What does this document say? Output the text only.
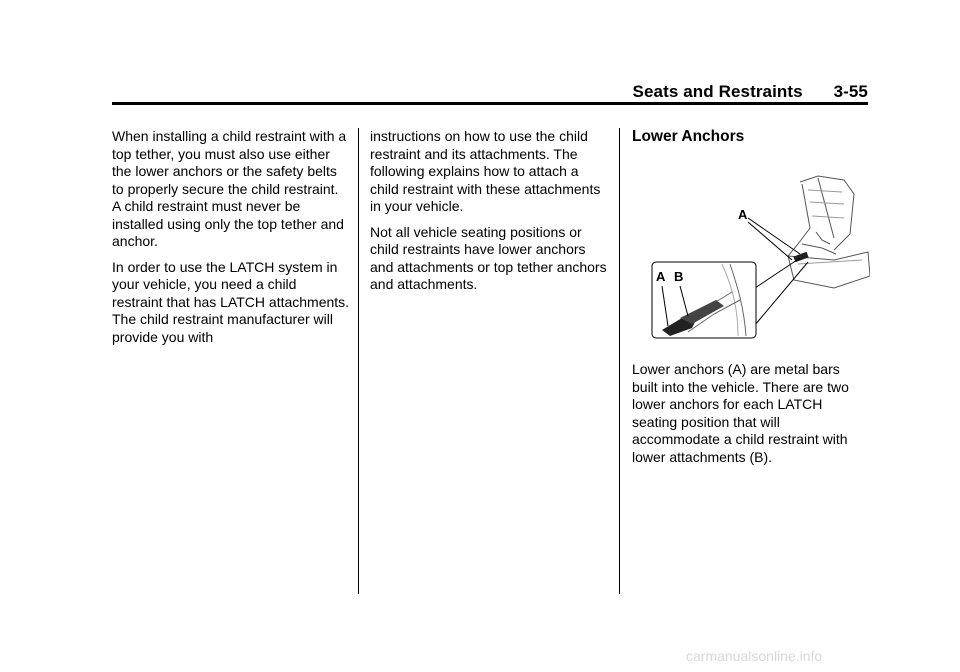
Seats and Restraints 3-55

When installing a child restraint with a top tether, you must also use either the lower anchors or the safety belts to properly secure the child restraint. A child restraint must never be installed using only the top tether and anchor.

In order to use the LATCH system in your vehicle, you need a child restraint that has LATCH attachments. The child restraint manufacturer will provide you with

instructions on how to use the child restraint and its attachments. The following explains how to attach a child restraint with these attachments in your vehicle.

Not all vehicle seating positions or child restraints have lower anchors and attachments or top tether anchors and attachments.

Lower Anchors
A
A B

Lower anchors (A) are metal bars built into the vehicle. There are two lower anchors for each LATCH seating position that will accommodate a child restraint with lower attachments (B).

carmanualsonline.info
